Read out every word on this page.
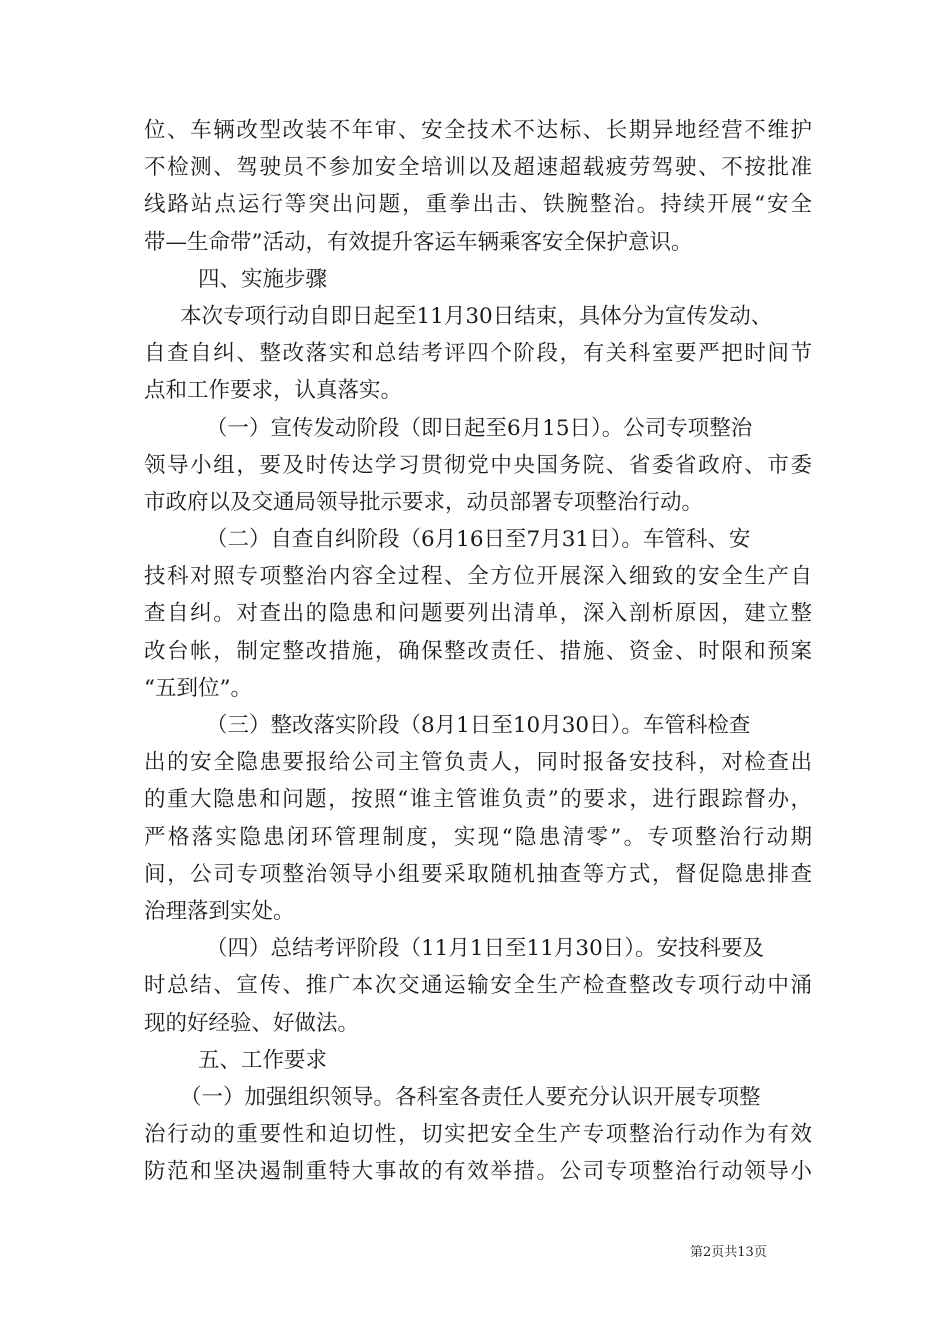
位、车辆改型改装不年审、安全技术不达标、长期异地经营不维护
不检测、驾驶员不参加安全培训以及超速超载疲劳驾驶、不按批准
线路站点运行等突出问题，重拳出击、铁腕整治。持续开展“安全
带—生命带”活动，有效提升客运车辆乘客安全保护意识。
四、实施步骤
本次专项行动自即日起至11月30日结束，具体分为宣传发动、
自查自纠、整改落实和总结考评四个阶段，有关科室要严把时间节
点和工作要求，认真落实。
（一）宣传发动阶段（即日起至6月15日）。公司专项整治
领导小组，要及时传达学习贯彻党中央国务院、省委省政府、市委
市政府以及交通局领导批示要求，动员部署专项整治行动。
（二）自查自纠阶段（6月16日至7月31日）。车管科、安
技科对照专项整治内容全过程、全方位开展深入细致的安全生产自
查自纠。对查出的隐患和问题要列出清单，深入剖析原因，建立整
改台帐，制定整改措施，确保整改责任、措施、资金、时限和预案
“五到位”。
（三）整改落实阶段（8月1日至10月30日）。车管科检查
出的安全隐患要报给公司主管负责人，同时报备安技科，对检查出
的重大隐患和问题，按照“谁主管谁负责”的要求，进行跟踪督办，
严格落实隐患闭环管理制度，实现“隐患清零”。专项整治行动期
间，公司专项整治领导小组要采取随机抽查等方式，督促隐患排查
治理落到实处。
（四）总结考评阶段（11月1日至11月30日）。安技科要及
时总结、宣传、推广本次交通运输安全生产检查整改专项行动中涌
现的好经验、好做法。
五、工作要求
（一）加强组织领导。各科室各责任人要充分认识开展专项整
治行动的重要性和迫切性，切实把安全生产专项整治行动作为有效
防范和坚决遏制重特大事故的有效举措。公司专项整治行动领导小
第2页共13页
